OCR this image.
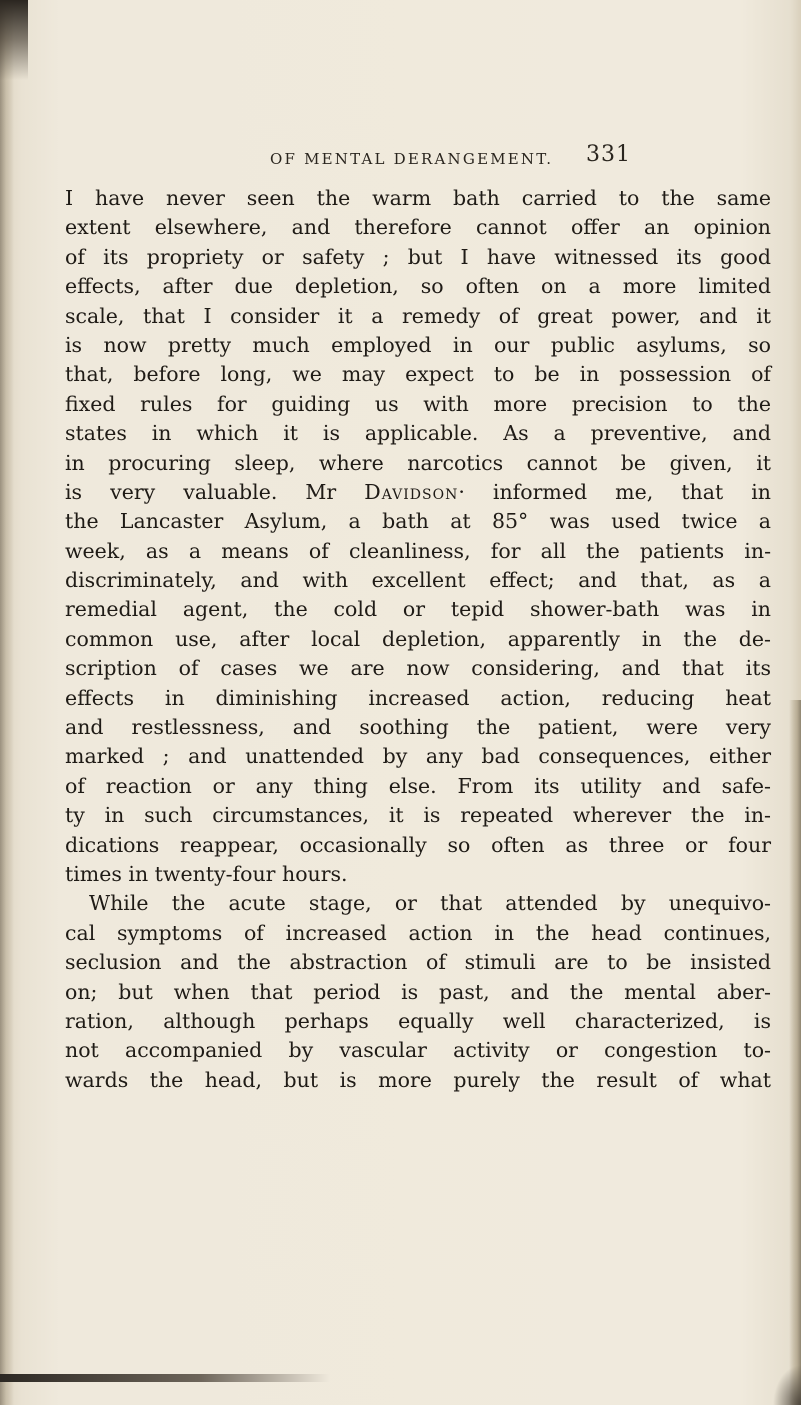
OF MENTAL DERANGEMENT. 331
I have never seen the warm bath carried to the same
extent elsewhere, and therefore cannot offer an opinion
of its propriety or safety ; but I have witnessed its good
effects, after due depletion, so often on a more limited
scale, that I consider it a remedy of great power, and it
is now pretty much employed in our public asylums, so
that, before long, we may expect to be in possession of
fixed rules for guiding us with more precision to the
states in which it is applicable. As a preventive, and
in procuring sleep, where narcotics cannot be given, it
is very valuable. Mr Davidson· informed me, that in
the Lancaster Asylum, a bath at 85° was used twice a
week, as a means of cleanliness, for all the patients in-
discriminately, and with excellent effect; and that, as a
remedial agent, the cold or tepid shower-bath was in
common use, after local depletion, apparently in the de-
scription of cases we are now considering, and that its
effects in diminishing increased action, reducing heat
and restlessness, and soothing the patient, were very
marked ; and unattended by any bad consequences, either
of reaction or any thing else. From its utility and safe-
ty in such circumstances, it is repeated wherever the in-
dications reappear, occasionally so often as three or four
times in twenty-four hours.
While the acute stage, or that attended by unequivo-
cal symptoms of increased action in the head continues,
seclusion and the abstraction of stimuli are to be insisted
on; but when that period is past, and the mental aber-
ration, although perhaps equally well characterized, is
not accompanied by vascular activity or congestion to-
wards the head, but is more purely the result of what
